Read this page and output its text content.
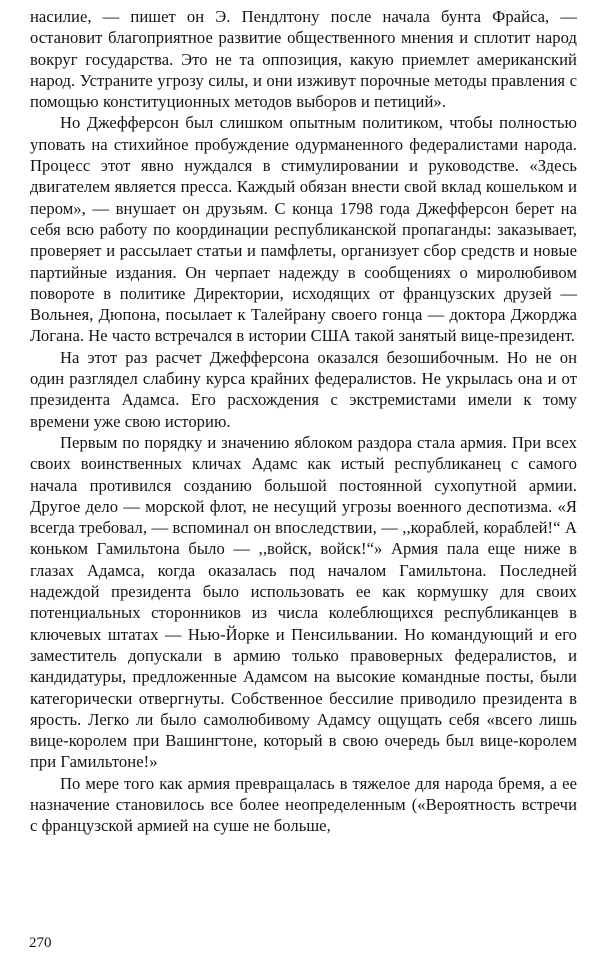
насилие, — пишет он Э. Пендлтону после начала бунта Фрайса, — остановит благоприятное развитие общественного мнения и сплотит народ вокруг государства. Это не та оппозиция, какую приемлет американский народ. Устраните угрозу силы, и они изживут порочные методы правления с помощью конституционных методов выборов и петиций».

Но Джефферсон был слишком опытным политиком, чтобы полностью уповать на стихийное пробуждение одурманенного федералистами народа. Процесс этот явно нуждался в стимулировании и руководстве. «Здесь двигателем является пресса. Каждый обязан внести свой вклад кошельком и пером», — внушает он друзьям. С конца 1798 года Джефферсон берет на себя всю работу по координации республиканской пропаганды: заказывает, проверяет и рассылает статьи и памфлеты, организует сбор средств и новые партийные издания. Он черпает надежду в сообщениях о миролюбивом повороте в политике Директории, исходящих от французских друзей — Вольнея, Дюпона, посылает к Талейрану своего гонца — доктора Джорджа Логана. Не часто встречался в истории США такой занятый вице-президент.

На этот раз расчет Джефферсона оказался безошибочным. Но не он один разглядел слабину курса крайних федералистов. Не укрылась она и от президента Адамса. Его расхождения с экстремистами имели к тому времени уже свою историю.

Первым по порядку и значению яблоком раздора стала армия. При всех своих воинственных кличах Адамс как истый республиканец с самого начала противился созданию большой постоянной сухопутной армии. Другое дело — морской флот, не несущий угрозы военного деспотизма. «Я всегда требовал, — вспоминал он впоследствии, — ,,кораблей, кораблей!“ А коньком Гамильтона было — ,,войск, войск!“» Армия пала еще ниже в глазах Адамса, когда оказалась под началом Гамильтона. Последней надеждой президента было использовать ее как кормушку для своих потенциальных сторонников из числа колеблющихся республиканцев в ключевых штатах — Нью-Йорке и Пенсильвании. Но командующий и его заместитель допускали в армию только правоверных федералистов, и кандидатуры, предложенные Адамсом на высокие командные посты, были категорически отвергнуты. Собственное бессилие приводило президента в ярость. Легко ли было самолюбивому Адамсу ощущать себя «всего лишь вице-королем при Вашингтоне, который в свою очередь был вице-королем при Гамильтоне!»

По мере того как армия превращалась в тяжелое для народа бремя, а ее назначение становилось все более неопределенным («Вероятность встречи с французской армией на суше не больше,

270
